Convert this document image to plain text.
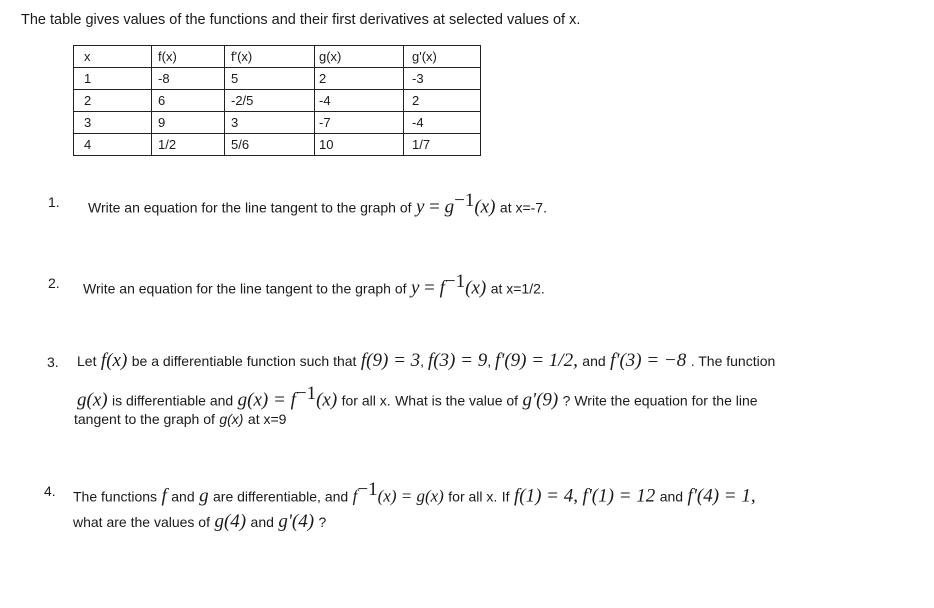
The table gives values of the functions and their first derivatives at selected values of x.
x	f(x)	f'(x)	g(x)	g'(x)
1	-8	5	2	-3
2	6	-2/5	-4	2
3	9	3	-7	-4
4	1/2	5/6	10	1/7
1. Write an equation for the line tangent to the graph of $y = g^{-1}(x)$ at x=-7.
2. Write an equation for the line tangent to the graph of $y = f^{-1}(x)$ at x=1/2.
3. Let f(x) be a differentiable function such that f(9) = 3, f(3) = 9, f'(9) = 1/2, and f'(3) = −8 . The function
g(x) is differentiable and $g(x) = f^{-1}(x)$ for all x. What is the value of g'(9) ? Write the equation for the line
tangent to the graph of g(x) at x=9
4. The functions f and g are differentiable, and $f^{-1}(x) = g(x)$ for all x. If f(1) = 4, f'(1) = 12 and f'(4) = 1,
what are the values of g(4) and g'(4) ?
